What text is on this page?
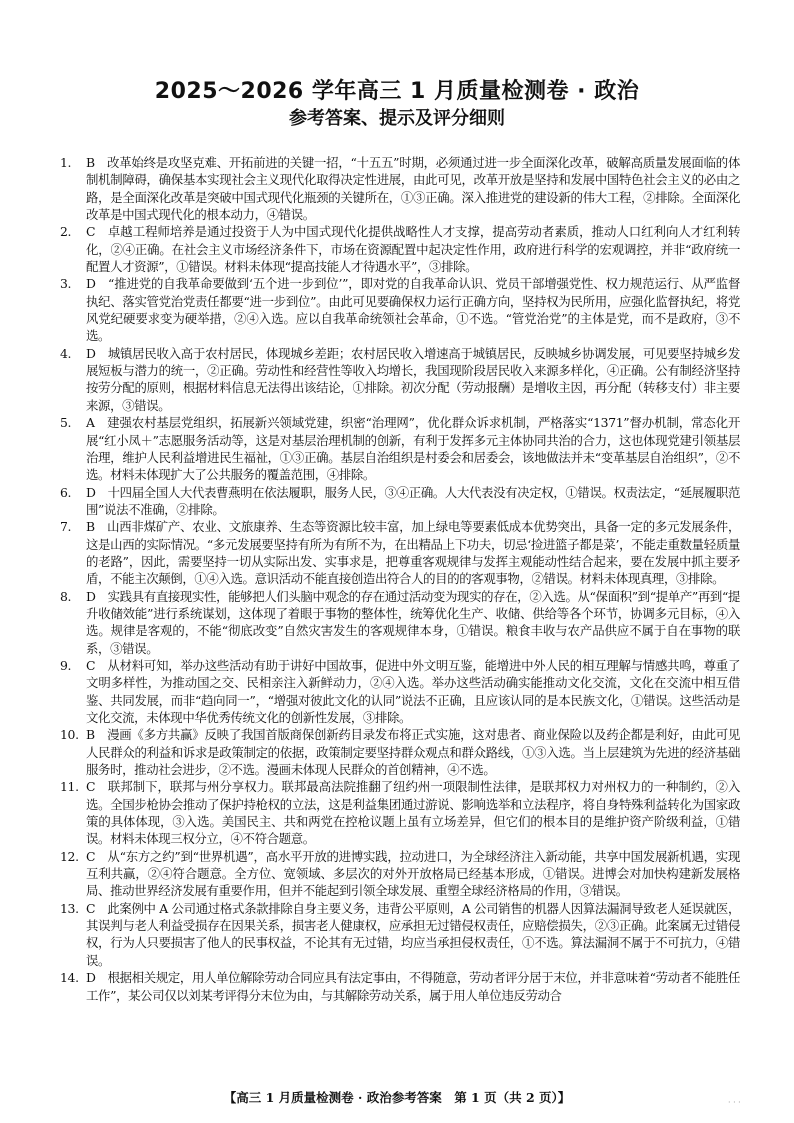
2025～2026 学年高三 1 月质量检测卷 · 政治
参考答案、提示及评分细则

1. B　改革始终是攻坚克难、开拓前进的关键一招，“十五五”时期，必须通过进一步全面深化改革，破解高质量发展面临的体制机制障碍，确保基本实现社会主义现代化取得决定性进展，由此可见，改革开放是坚持和发展中国特色社会主义的必由之路，是全面深化改革是突破中国式现代化瓶颈的关键所在，①③正确。深入推进党的建设新的伟大工程，②排除。全面深化改革是中国式现代化的根本动力，④错误。

2. C　卓越工程师培养是通过投资于人为中国式现代化提供战略性人才支撑，提高劳动者素质，推动人口红利向人才红利转化，②④正确。在社会主义市场经济条件下，市场在资源配置中起决定性作用，政府进行科学的宏观调控，并非“政府统一配置人才资源”，①错误。材料未体现“提高技能人才待遇水平”，③排除。

3. D　“推进党的自我革命要做到‘五个进一步到位’”，即对党的自我革命认识、党员干部增强党性、权力规范运行、从严监督执纪、落实管党治党责任都要“进一步到位”。由此可见要确保权力运行正确方向，坚持权为民所用，应强化监督执纪，将党风党纪硬要求变为硬举措，②④入选。应以自我革命统领社会革命，①不选。“管党治党”的主体是党，而不是政府，③不选。

4. D　城镇居民收入高于农村居民，体现城乡差距；农村居民收入增速高于城镇居民，反映城乡协调发展，可见要坚持城乡发展短板与潜力的统一，②正确。劳动性和经营性等收入均增长，我国现阶段居民收入来源多样化，④正确。公有制经济坚持按劳分配的原则，根据材料信息无法得出该结论，①排除。初次分配（劳动报酬）是增收主因，再分配（转移支付）非主要来源，③错误。

5. A　建强农村基层党组织，拓展新兴领域党建，织密“治理网”，优化群众诉求机制，严格落实“1371”督办机制，常态化开展“红小凤＋”志愿服务活动等，这是对基层治理机制的创新，有利于发挥多元主体协同共治的合力，这也体现党建引领基层治理，维护人民利益增进民生福祉，①③正确。基层自治组织是村委会和居委会，该地做法并未“变革基层自治组织”，②不选。材料未体现扩大了公共服务的覆盖范围，④排除。

6. D　十四届全国人大代表曹燕明在依法履职，服务人民，③④正确。人大代表没有决定权，①错误。权责法定，“延展履职范围”说法不准确，②排除。

7. B　山西非煤矿产、农业、文旅康养、生态等资源比较丰富，加上绿电等要素低成本优势突出，具备一定的多元发展条件，这是山西的实际情况。“多元发展要坚持有所为有所不为，在出精品上下功夫，切忌‘捡进篮子都是菜’，不能走重数量轻质量的老路”，因此，需要坚持一切从实际出发、实事求是，把尊重客观规律与发挥主观能动性结合起来，要在发展中抓主要矛盾，不能主次颠倒，①④入选。意识活动不能直接创造出符合人的目的的客观事物，②错误。材料未体现真理，③排除。

8. D　实践具有直接现实性，能够把人们头脑中观念的存在通过活动变为现实的存在，②入选。从“保面积”到“提单产”再到“提升收储效能”进行系统谋划，这体现了着眼于事物的整体性，统筹优化生产、收储、供给等各个环节，协调多元目标，④入选。规律是客观的，不能“彻底改变”自然灾害发生的客观规律本身，①错误。粮食丰收与农产品供应不属于自在事物的联系，③错误。

9. C　从材料可知，举办这些活动有助于讲好中国故事，促进中外文明互鉴，能增进中外人民的相互理解与情感共鸣，尊重了文明多样性，为推动国之交、民相亲注入新鲜动力，②④入选。举办这些活动确实能推动文化交流，文化在交流中相互借鉴、共同发展，而非“趋向同一”，“增强对彼此文化的认同”说法不正确，且应该认同的是本民族文化，①错误。这些活动是文化交流，未体现中华优秀传统文化的创新性发展，③排除。

10. B　漫画《多方共赢》反映了我国首版商保创新药目录发布将正式实施，这对患者、商业保险以及药企都是利好，由此可见人民群众的利益和诉求是政策制定的依据，政策制定要坚持群众观点和群众路线，①③入选。当上层建筑为先进的经济基础服务时，推动社会进步，②不选。漫画未体现人民群众的首创精神，④不选。

11. C　联邦制下，联邦与州分享权力。联邦最高法院推翻了纽约州一项限制性法律，是联邦权力对州权力的一种制约，②入选。全国步枪协会推动了保护持枪权的立法，这是利益集团通过游说、影响选举和立法程序，将自身特殊利益转化为国家政策的具体体现，③入选。美国民主、共和两党在控枪议题上虽有立场差异，但它们的根本目的是维护资产阶级利益，①错误。材料未体现三权分立，④不符合题意。

12. C　从“东方之约”到“世界机遇”，高水平开放的进博实践，拉动进口，为全球经济注入新动能，共享中国发展新机遇，实现互利共赢，②④符合题意。全方位、宽领域、多层次的对外开放格局已经基本形成，①错误。进博会对加快构建新发展格局、推动世界经济发展有重要作用，但并不能起到引领全球发展、重塑全球经济格局的作用，③错误。

13. C　此案例中 A 公司通过格式条款排除自身主要义务，违背公平原则，A 公司销售的机器人因算法漏洞导致老人延误就医，其误判与老人利益受损存在因果关系，损害老人健康权，应承担无过错侵权责任，应赔偿损失，②③正确。此案属无过错侵权，行为人只要损害了他人的民事权益，不论其有无过错，均应当承担侵权责任，①不选。算法漏洞不属于不可抗力，④错误。

14. D　根据相关规定，用人单位解除劳动合同应具有法定事由，不得随意，劳动者评分居于末位，并非意味着“劳动者不能胜任工作”，某公司仅以刘某考评得分末位为由，与其解除劳动关系，属于用人单位违反劳动合

【高三 1 月质量检测卷 · 政治参考答案　第 1 页（共 2 页）】	· · ·
